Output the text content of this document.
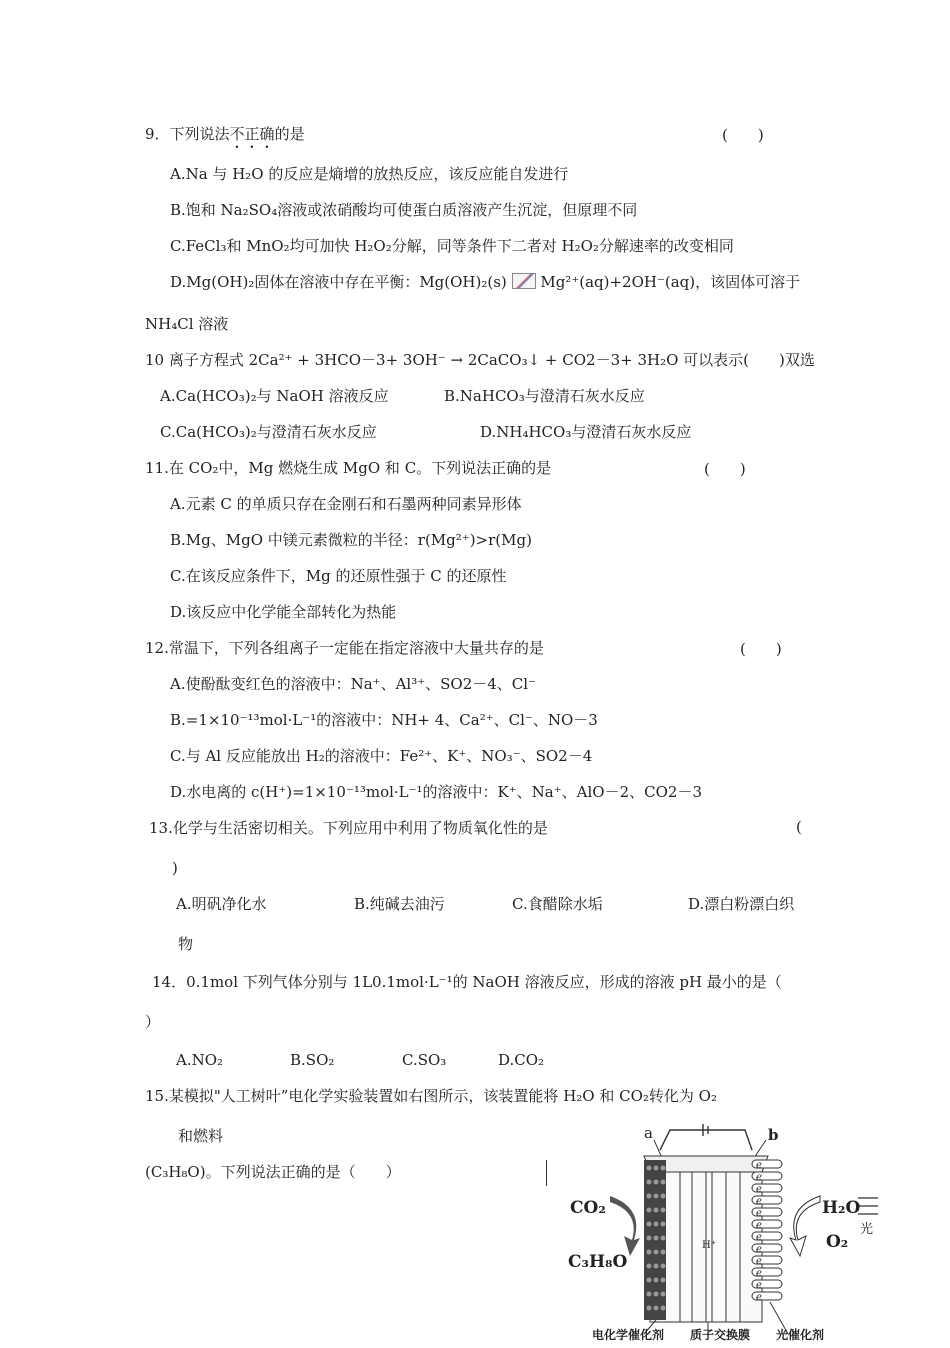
9．下列说法不正确的是	(　　)
A.Na 与 H₂O 的反应是熵增的放热反应，该反应能自发进行
B.饱和 Na₂SO₄溶液或浓硝酸均可使蛋白质溶液产生沉淀，但原理不同
C.FeCl₃和 MnO₂均可加快 H₂O₂分解，同等条件下二者对 H₂O₂分解速率的改变相同
D.Mg(OH)₂固体在溶液中存在平衡：Mg(OH)₂(s) Mg²⁺(aq)+2OH⁻(aq)，该固体可溶于
NH₄Cl 溶液
10 离子方程式 2Ca²⁺ + 3HCO－3+ 3OH⁻ → 2CaCO₃↓ + CO2－3+ 3H₂O 可以表示(　　)双选
A.Ca(HCO₃)₂与 NaOH 溶液反应	B.NaHCO₃与澄清石灰水反应
C.Ca(HCO₃)₂与澄清石灰水反应	D.NH₄HCO₃与澄清石灰水反应
11.在 CO₂中，Mg 燃烧生成 MgO 和 C。下列说法正确的是	(　　)
A.元素 C 的单质只存在金刚石和石墨两种同素异形体
B.Mg、MgO 中镁元素微粒的半径：r(Mg²⁺)>r(Mg)
C.在该反应条件下，Mg 的还原性强于 C 的还原性
D.该反应中化学能全部转化为热能
12.常温下，下列各组离子一定能在指定溶液中大量共存的是	(　　)
A.使酚酞变红色的溶液中：Na⁺、Al³⁺、SO2－4、Cl⁻
B.=1×10⁻¹³mol·L⁻¹的溶液中：NH+ 4、Ca²⁺、Cl⁻、NO－3
C.与 Al 反应能放出 H₂的溶液中：Fe²⁺、K⁺、NO₃⁻、SO2－4
D.水电离的 c(H⁺)=1×10⁻¹³mol·L⁻¹的溶液中：K⁺、Na⁺、AlO－2、CO2－3
13.化学与生活密切相关。下列应用中利用了物质氧化性的是	(
)
A.明矾净化水	B.纯碱去油污	C.食醋除水垢	D.漂白粉漂白织
物
14．0.1mol 下列气体分别与 1L0.1mol·L⁻¹的 NaOH 溶液反应，形成的溶液 pH 最小的是（
）
A.NO₂	B.SO₂	C.SO₃	D.CO₂
15.某模拟"人工树叶”电化学实验装置如右图所示，该装置能将 H₂O 和 CO₂转化为 O₂
和燃料
(C₃H₈O)。下列说法正确的是（　　）
a	b
CO₂
C₃H₈O
H₂O
O₂
光
H⁺
e
e
e
e
e
e
e
e
e
e
e
e
电化学催化剂 质子交换膜 光催化剂
